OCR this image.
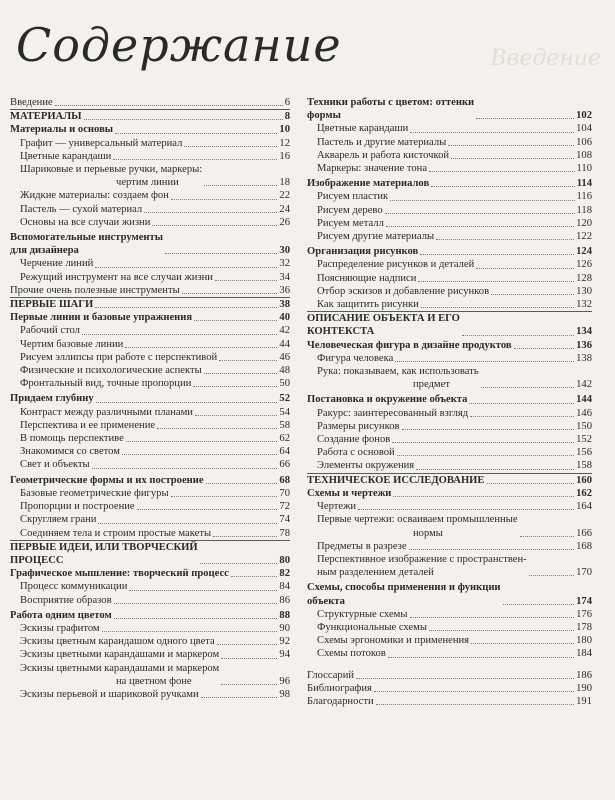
Содержание	Введение
Введение	6
МАТЕРИАЛЫ	8
Материалы и основы	10
Графит — универсальный материал	12
Цветные карандаши	16
Шариковые и перьевые ручки, маркеры:
чертим линии	18
Жидкие материалы: создаем фон	22
Пастель — сухой материал	24
Основы на все случаи жизни	26
Вспомогательные инструменты
для дизайнера	30
Черчение линий	32
Режущий инструмент на все случаи жизни	34
Прочие очень полезные инструменты	36
ПЕРВЫЕ ШАГИ	38
Первые линии и базовые упражнения	40
Рабочий стол	42
Чертим базовые линии	44
Рисуем эллипсы при работе с перспективой	46
Физические и психологические аспекты	48
Фронтальный вид, точные пропорции	50
Придаем глубину	52
Контраст между различными планами	54
Перспектива и ее применение	58
В помощь перспективе	62
Знакомимся со светом	64
Свет и объекты	66
Геометрические формы и их построение	68
Базовые геометрические фигуры	70
Пропорции и построение	72
Скругляем грани	74
Соединяем тела и строим простые макеты	78
ПЕРВЫЕ ИДЕИ, ИЛИ ТВОРЧЕСКИЙ
ПРОЦЕСС	80
Графическое мышление: творческий процесс	82
Процесс коммуникации	84
Восприятие образов	86
Работа одним цветом	88
Эскизы графитом	90
Эскизы цветным карандашом одного цвета	92
Эскизы цветными карандашами и маркером	94
Эскизы цветными карандашами и маркером
на цветном фоне	96
Эскизы перьевой и шариковой ручками	98
Техники работы с цветом: оттенки
формы	102
Цветные карандаши	104
Пастель и другие материалы	106
Акварель и работа кисточкой	108
Маркеры: значение тона	110
Изображение материалов	114
Рисуем пластик	116
Рисуем дерево	118
Рисуем металл	120
Рисуем другие материалы	122
Организация рисунков	124
Распределение рисунков и деталей	126
Поясняющие надписи	128
Отбор эскизов и добавление рисунков	130
Как защитить рисунки	132
ОПИСАНИЕ ОБЪЕКТА И ЕГО
КОНТЕКСТА	134
Человеческая фигура в дизайне продуктов	136
Фигура человека	138
Рука: показываем, как использовать
предмет	142
Постановка и окружение объекта	144
Ракурс: заинтересованный взгляд	146
Размеры рисунков	150
Создание фонов	152
Работа с основой	156
Элементы окружения	158
ТЕХНИЧЕСКОЕ ИССЛЕДОВАНИЕ	160
Схемы и чертежи	162
Чертежи	164
Первые чертежи: осваиваем промышленные
нормы	166
Предметы в разрезе	168
Перспективное изображение с пространствен-
ным разделением деталей	170
Схемы, способы применения и функции
объекта	174
Структурные схемы	176
Функциональные схемы	178
Схемы эргономики и применения	180
Схемы потоков	184
Глоссарий	186
Библиография	190
Благодарности	191
